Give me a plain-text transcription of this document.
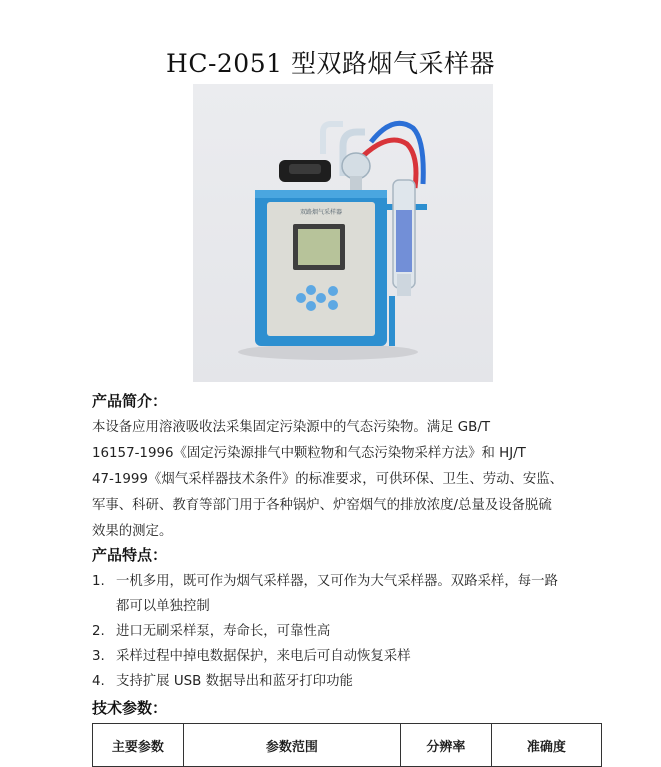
HC-2051 型双路烟气采样器
双路烟气采样器
产品简介：
本设备应用溶液吸收法采集固定污染源中的气态污染物。满足 GB/T
16157-1996《固定污染源排气中颗粒物和气态污染物采样方法》和 HJ/T
47-1999《烟气采样器技术条件》的标准要求，可供环保、卫生、劳动、安监、
军事、科研、教育等部门用于各种锅炉、炉窑烟气的排放浓度/总量及设备脱硫
效果的测定。
产品特点：
1. 一机多用，既可作为烟气采样器，又可作为大气采样器。双路采样，每一路
都可以单独控制
2. 进口无刷采样泵，寿命长，可靠性高
3. 采样过程中掉电数据保护，来电后可自动恢复采样
4. 支持扩展 USB 数据导出和蓝牙打印功能
技术参数：
主要参数	参数范围	分辨率	准确度
